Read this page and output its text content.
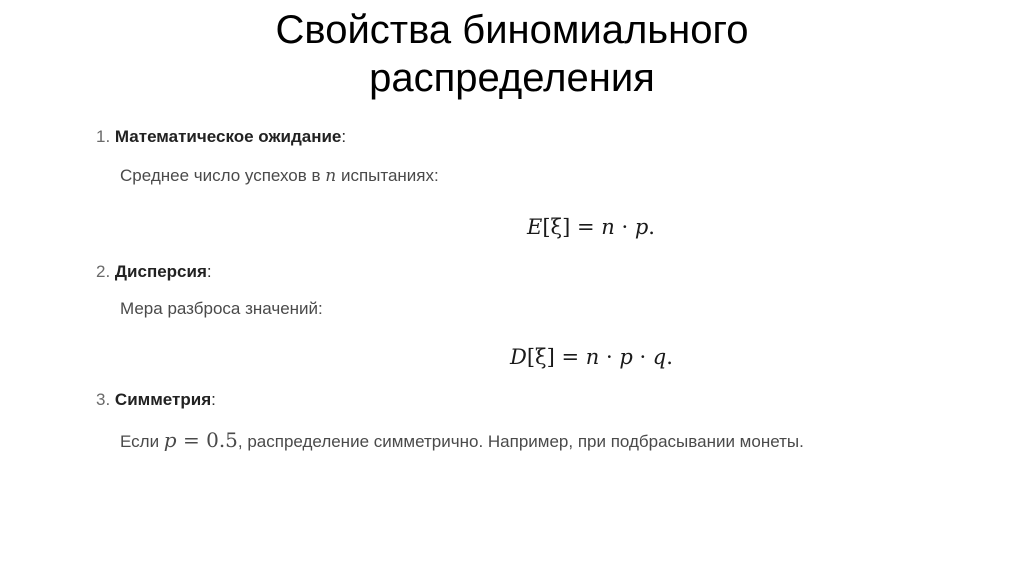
Свойства биномиального
распределения
1. Математическое ожидание:
Среднее число успехов в n испытаниях:
E[ξ] = n · p.
2. Дисперсия:
Мера разброса значений:
D[ξ] = n · p · q.
3. Симметрия:
Если p = 0.5, распределение симметрично. Например, при подбрасывании монеты.
